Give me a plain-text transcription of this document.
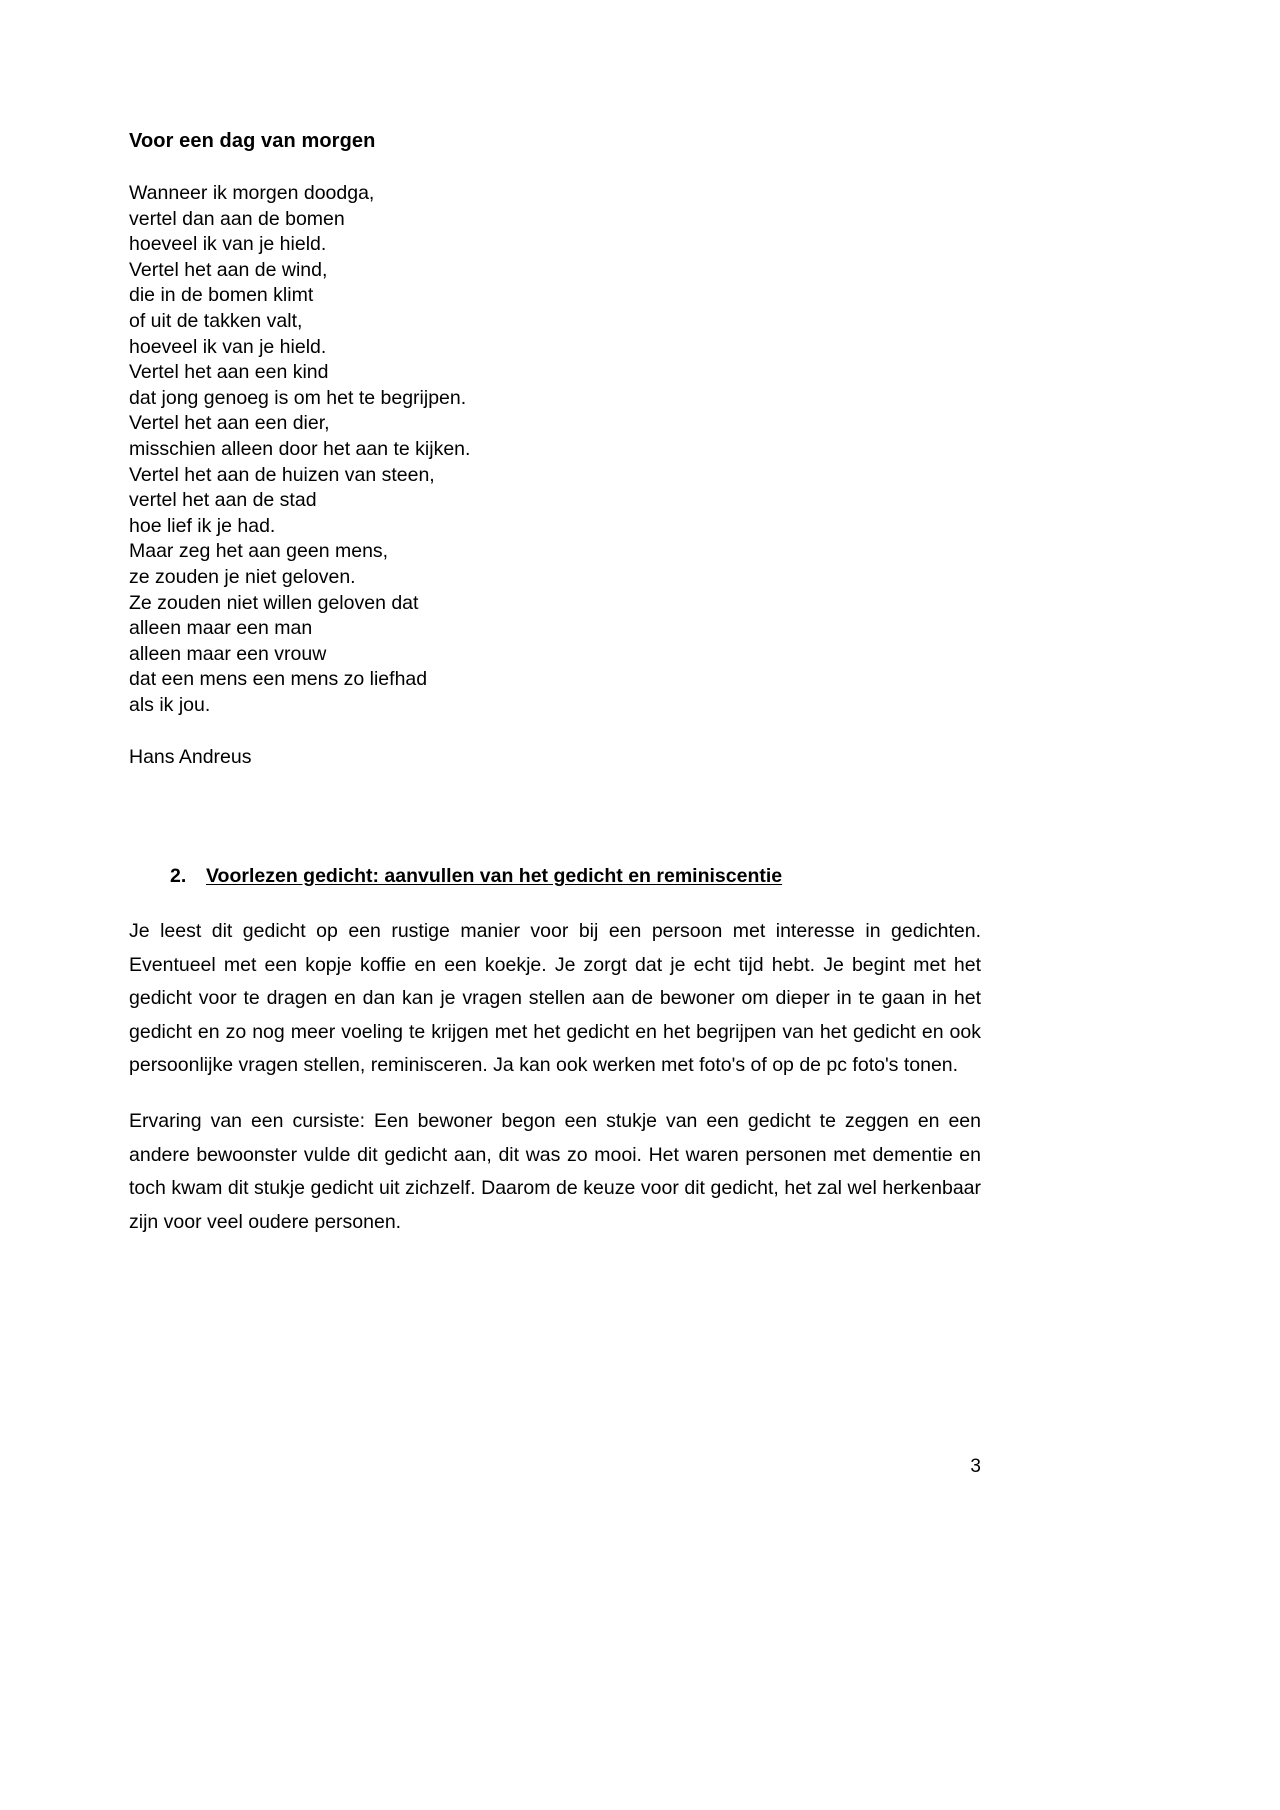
Voor een dag van morgen
Wanneer ik morgen doodga,
vertel dan aan de bomen
hoeveel ik van je hield.
Vertel het aan de wind,
die in de bomen klimt
of uit de takken valt,
hoeveel ik van je hield.
Vertel het aan een kind
dat jong genoeg is om het te begrijpen.
Vertel het aan een dier,
misschien alleen door het aan te kijken.
Vertel het aan de huizen van steen,
vertel het aan de stad
hoe lief ik je had.
Maar zeg het aan geen mens,
ze zouden je niet geloven.
Ze zouden niet willen geloven dat
alleen maar een man
alleen maar een vrouw
dat een mens een mens zo liefhad
als ik jou.

Hans Andreus

2.	Voorlezen gedicht: aanvullen van het gedicht en reminiscentie

Je leest dit gedicht op een rustige manier voor bij een persoon met interesse in gedichten. Eventueel met een kopje koffie en een koekje. Je zorgt dat je echt tijd hebt. Je begint met het gedicht voor te dragen en dan kan je vragen stellen aan de bewoner om dieper in te gaan in het gedicht en zo nog meer voeling te krijgen met het gedicht en het begrijpen van het gedicht en ook persoonlijke vragen stellen, reminisceren. Ja kan ook werken met foto's of op de pc foto's tonen.

Ervaring van een cursiste: Een bewoner begon een stukje van een gedicht te zeggen en een andere bewoonster vulde dit gedicht aan, dit was zo mooi. Het waren personen met dementie en toch kwam dit stukje gedicht uit zichzelf. Daarom de keuze voor dit gedicht, het zal wel herkenbaar zijn voor veel oudere personen.

3
